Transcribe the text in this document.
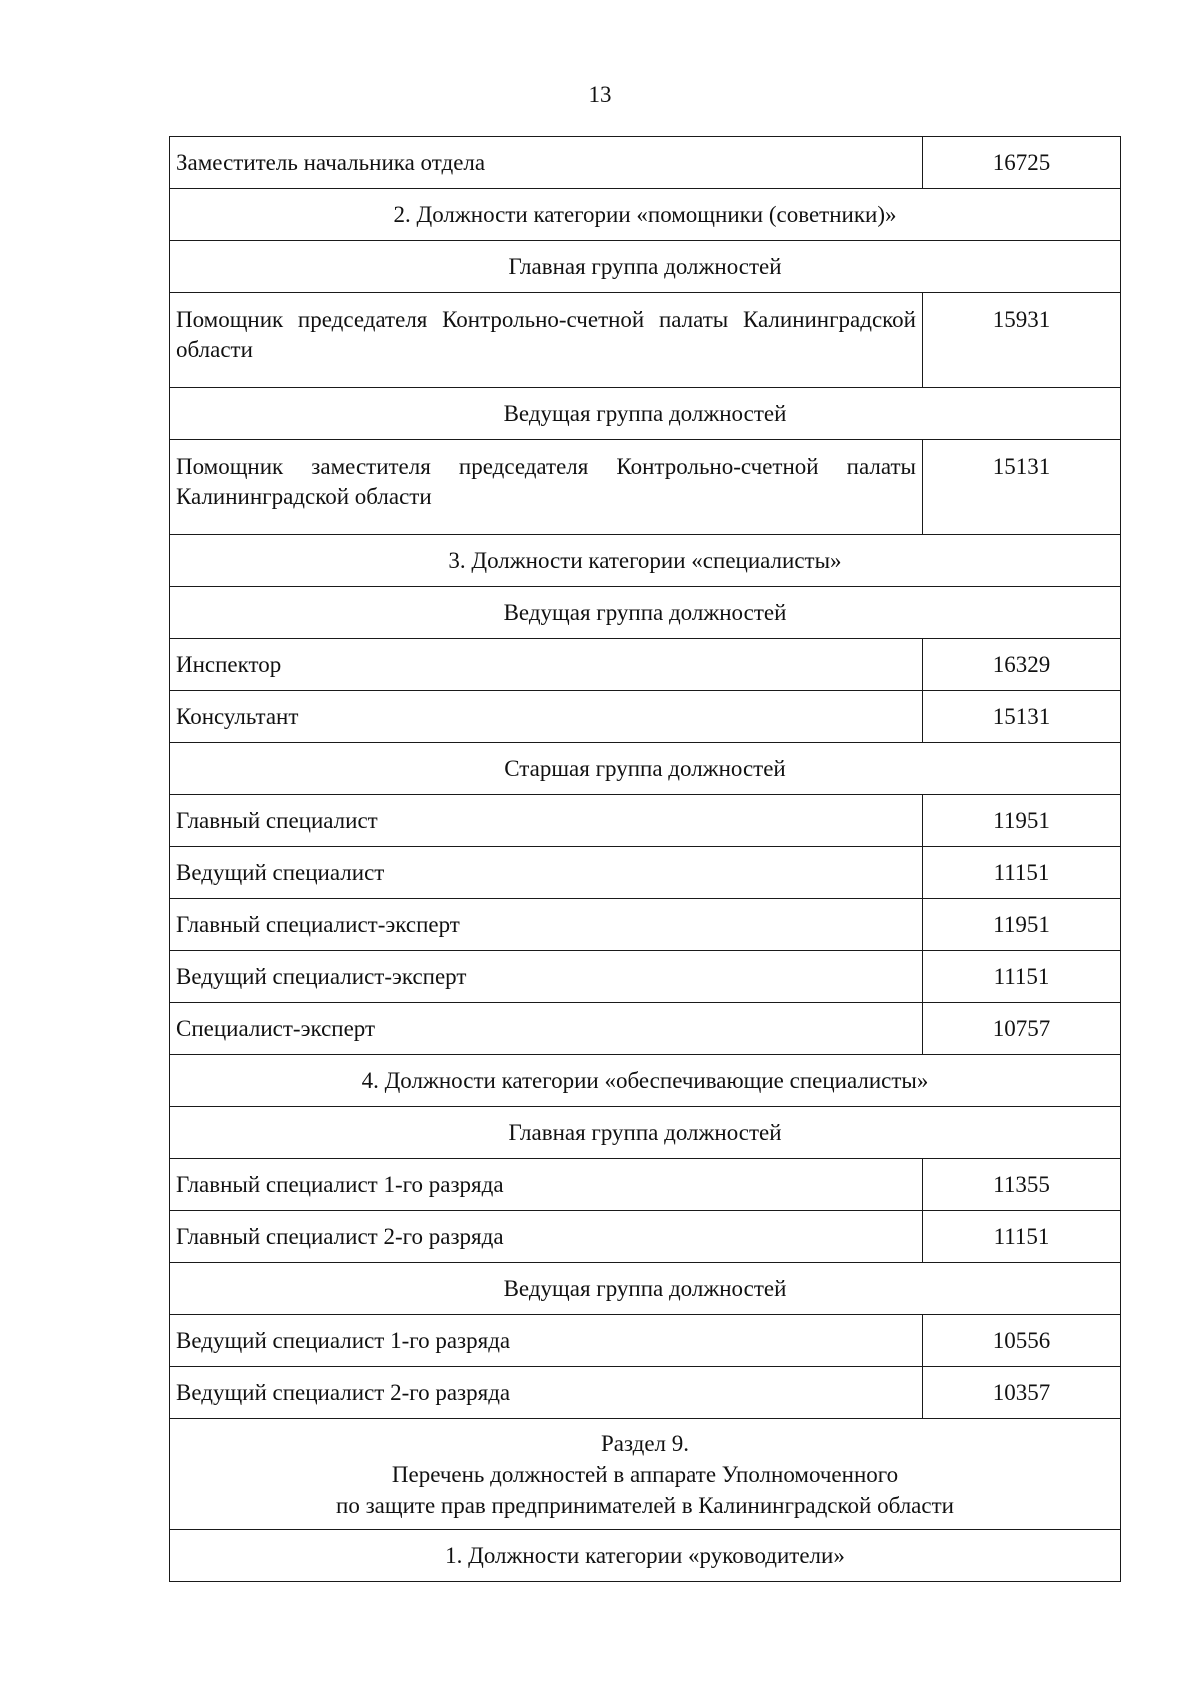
13
Заместитель начальника отдела	16725
2. Должности категории «помощники (советники)»	
Главная группа должностей	
Помощник председателя Контрольно-счетной палаты Калининградской области	15931
Ведущая группа должностей	
Помощник заместителя председателя Контрольно-счетной палаты Калининградской области	15131
3. Должности категории «специалисты»	
Ведущая группа должностей	
Инспектор	16329
Консультант	15131
Старшая группа должностей	
Главный специалист	11951
Ведущий специалист	11151
Главный специалист-эксперт	11951
Ведущий специалист-эксперт	11151
Специалист-эксперт	10757
4. Должности категории «обеспечивающие специалисты»	
Главная группа должностей	
Главный специалист 1-го разряда	11355
Главный специалист 2-го разряда	11151
Ведущая группа должностей	
Ведущий специалист 1-го разряда	10556
Ведущий специалист 2-го разряда	10357

Раздел 9.
Перечень должностей в аппарате Уполномоченного
по защите прав предпринимателей в Калининградской области	

1. Должности категории «руководители»	
